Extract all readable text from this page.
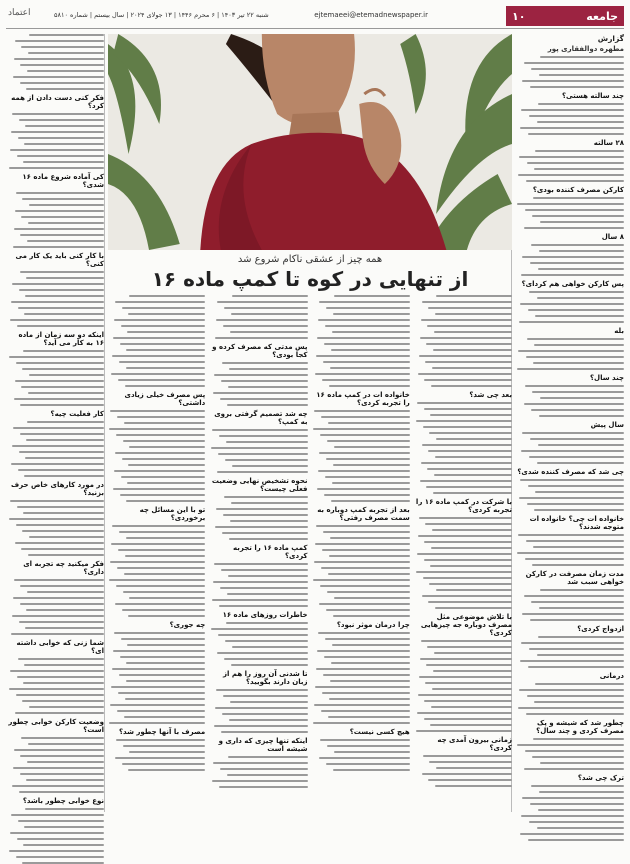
جامعه
۱۰
ejtemaeei@etemadnewspaper.ir
شنبه ۲۲ تیر ۱۴۰۳ | ۶ محرم ۱۴۴۶ | ۱۳ جولای ۲۰۲۴ | سال بیستم | شماره ۵۸۱۰
اعتماد
گزارش
مطهره دوالفقاری پور
چند سالته هستی؟
۲۸ سالته
کارکن مصرف کننده بودی؟
۸ سال
پس کارکن خواهی هم کردای؟
بله
چند سال؟
سال پیش
چی شد که مصرف کننده شدی؟
خانواده ات چی؟ خانواده ات متوجه شدند؟
مدت زمان مصرفت در کارکن خواهی سبب شد
ازدواج کردی؟
درمانی
چطور شد که شیشه و پک مصرف کردی و چند سال؟
ترک چی شد؟
همه چیز از عشقی ناکام شروع شد
از تنهایی در کوه تا کمپ ماده ۱۶
بعد چی شد؟
با شرکت در کمپ ماده ۱۶ را تجربه کردی؟
با تلاش موضوعی مثل مصرف دوباره جه چیزهایی کردی؟
زمانی بیرون آمدی چه کردی؟
خانواده ات در کمپ ماده ۱۶ را تجربه کردی؟
بعد از تجربه کمپ دوباره به سمت مصرف رفتی؟
چرا درمان موثر نبود؟
هیچ کسی نیست؟
پس مدتی که مصرف کرده و کجا بودی؟
چه شد تصمیم گرفتی بروی به کمپ؟
نحوه تشخیص نهایی وضعیت فعلی چیست؟
کمپ ماده ۱۶ را تجربه کردی؟
خاطرات روزهای ماده ۱۶
تا شدنی آن روز را هم از زبان دارند بگویید؟
اینکه تنها چیزی که داری و شیشه است
پس مصرف خیلی زیادی داشتی؟
تو با این مسائل چه برخوردی؟
چه جوری؟
مصرف با آنها چطور شد؟
فکر کنی دست دادن از همه کرد؟
کی آماده شروع ماده ۱۶ شدی؟
با کار کنی باید یک کار می کنی؟
اینکه دو سه زمان از ماده ۱۶ به کار می آید؟
کار فعلیت چیه؟
در مورد کارهای خاص حرف بزنید؟
فکر میکنید چه تجربه ای داری؟
شما زنی که خوابی داشته ای؟
وضعیت کارکن خوابی چطور است؟
نوع خوابی چطور باشد؟
